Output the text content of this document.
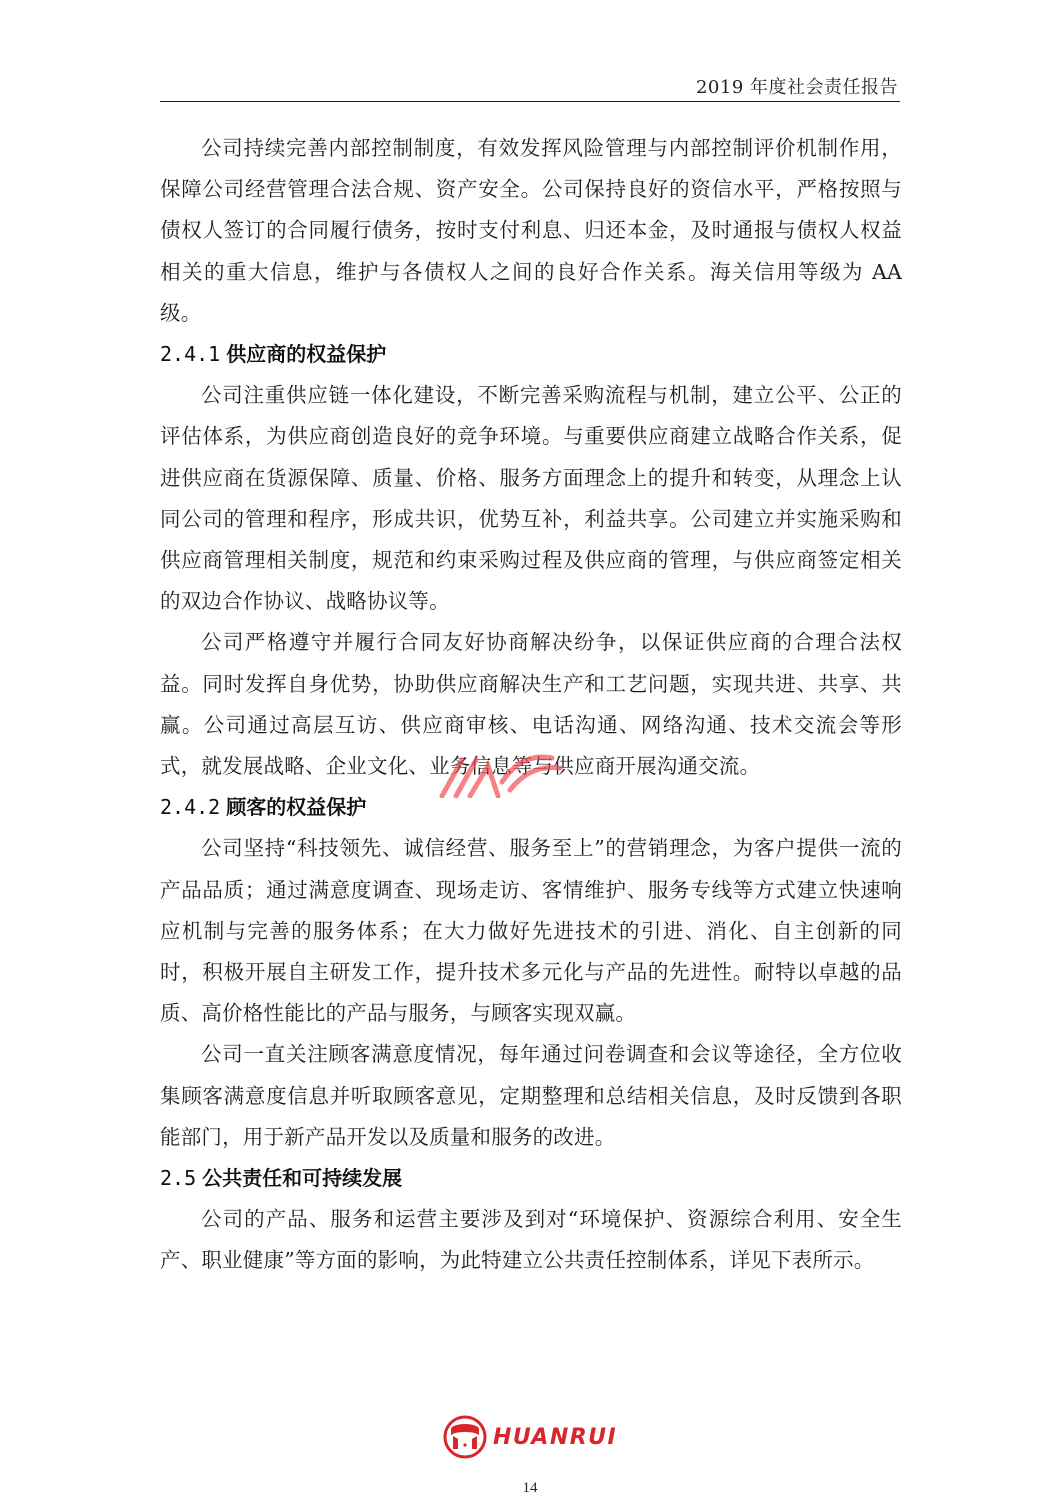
2019 年度社会责任报告

公司持续完善内部控制制度，有效发挥风险管理与内部控制评价机制作用，保障公司经营管理合法合规、资产安全。公司保持良好的资信水平，严格按照与债权人签订的合同履行债务，按时支付利息、归还本金，及时通报与债权人权益相关的重大信息，维护与各债权人之间的良好合作关系。海关信用等级为 AA 级。

2.4.1 供应商的权益保护

公司注重供应链一体化建设，不断完善采购流程与机制，建立公平、公正的评估体系，为供应商创造良好的竞争环境。与重要供应商建立战略合作关系，促进供应商在货源保障、质量、价格、服务方面理念上的提升和转变，从理念上认同公司的管理和程序，形成共识，优势互补，利益共享。公司建立并实施采购和供应商管理相关制度，规范和约束采购过程及供应商的管理，与供应商签定相关的双边合作协议、战略协议等。

公司严格遵守并履行合同友好协商解决纷争，以保证供应商的合理合法权益。同时发挥自身优势，协助供应商解决生产和工艺问题，实现共进、共享、共赢。公司通过高层互访、供应商审核、电话沟通、网络沟通、技术交流会等形式，就发展战略、企业文化、业务信息等与供应商开展沟通交流。

2.4.2 顾客的权益保护

公司坚持“科技领先、诚信经营、服务至上”的营销理念，为客户提供一流的产品品质；通过满意度调查、现场走访、客情维护、服务专线等方式建立快速响应机制与完善的服务体系；在大力做好先进技术的引进、消化、自主创新的同时，积极开展自主研发工作，提升技术多元化与产品的先进性。耐特以卓越的品质、高价格性能比的产品与服务，与顾客实现双赢。

公司一直关注顾客满意度情况，每年通过问卷调查和会议等途径，全方位收集顾客满意度信息并听取顾客意见，定期整理和总结相关信息，及时反馈到各职能部门，用于新产品开发以及质量和服务的改进。

2.5 公共责任和可持续发展

公司的产品、服务和运营主要涉及到对“环境保护、资源综合利用、安全生产、职业健康”等方面的影响，为此特建立公共责任控制体系，详见下表所示。

HUANRUI
14
